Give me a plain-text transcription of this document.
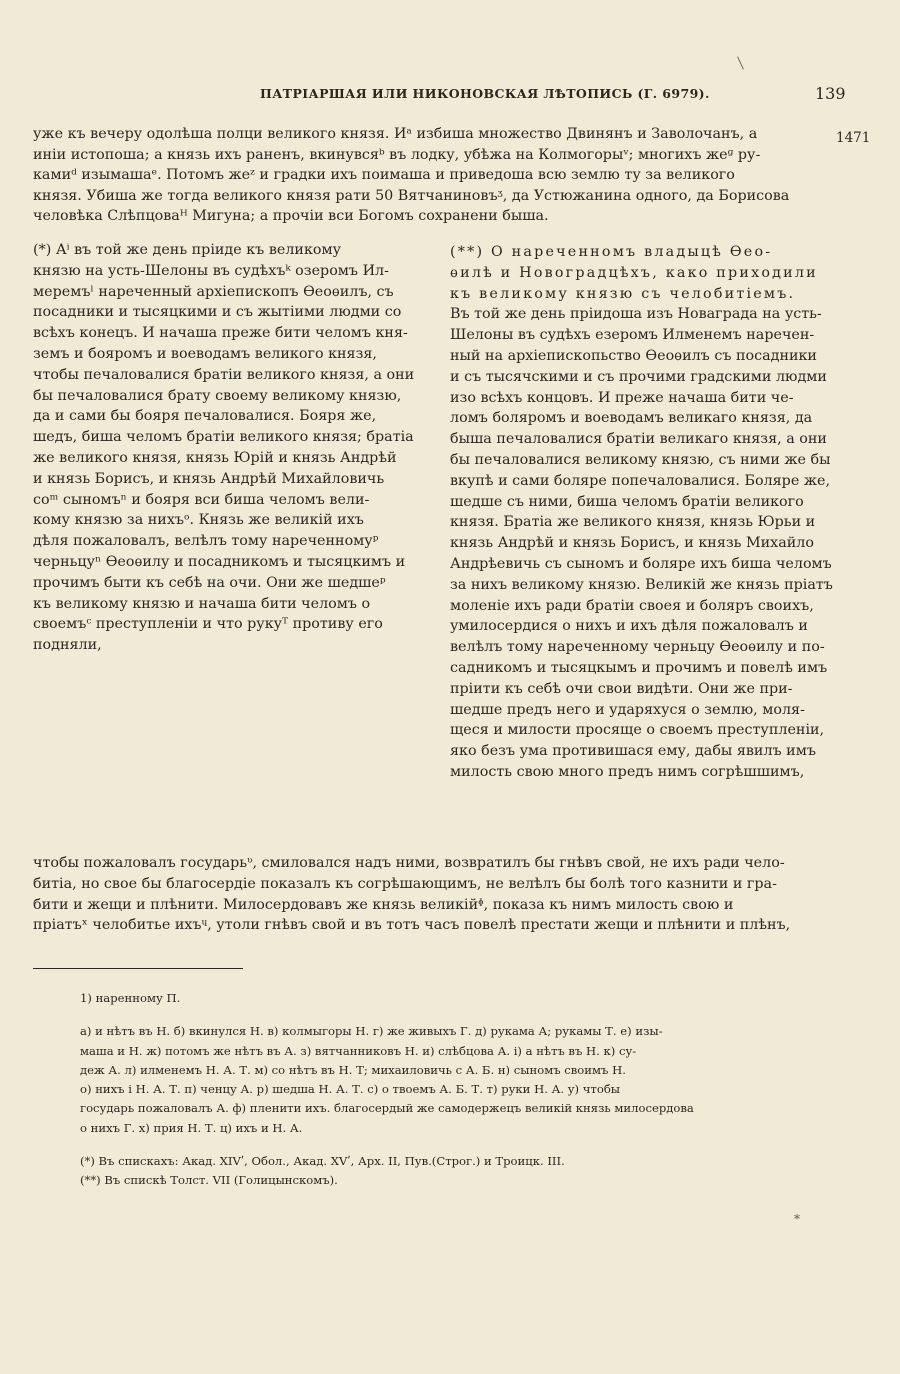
ПАТРІАРШАЯ ИЛИ НИКОНОВСКАЯ ЛѢТОПИСЬ (Г. 6979).	139
1471
уже къ вечеру одолѣша полци великого князя. Иᵃ избиша множество Двинянъ и Заволочанъ, а
иніи истопоша; а князь ихъ раненъ, вкинувсяᵇ въ лодку, убѣжа на Колмогорыᵛ; многихъ жеᶢ ру-
камиᵈ изымашаᵉ. Потомъ жеᶻ и градки ихъ поимаша и приведоша всю землю ту за великого
князя. Убиша же тогда великого князя рати 50 Вятчаниновъᶾ, да Устюжанина одного, да Борисова
человѣка Слѣпцоваᴴ Мигуна; а прочіи вси Богомъ сохранени быша.
(*) Аⁱ въ той же день пріиде къ великому
князю на усть-Шелоны въ судѣхъᵏ озеромъ Ил-
меремъˡ нареченный архіепископъ Ѳеоѳилъ, съ
посадники и тысяцкими и съ жытіими людми со
всѣхъ конецъ. И начаша преже бити челомъ кня-
земъ и бояромъ и воеводамъ великого князя,
чтобы печаловалися братіи великого князя, а они
бы печаловалися брату своему великому князю,
да и сами бы бояря печаловалися. Бояря же,
шедъ, биша челомъ братіи великого князя; братіа
же великого князя, князь Юрій и князь Андрѣй
и князь Борисъ, и князь Андрѣй Михайловичь
соᵐ сыномъⁿ и бояря вси биша челомъ вели-
кому князю за нихъᵒ. Князь же великій ихъ
дѣля пожаловалъ, велѣлъ тому нареченномуᵖ
черньцуⁿ Ѳеоѳилу и посадникомъ и тысяцкимъ и
прочимъ быти къ себѣ на очи. Они же шедшеᵖ
къ великому князю и начаша бити челомъ о
своемъᶜ преступленіи и что рукуᵀ противу его
подняли,
(**) О нареченномъ владыцѣ Ѳео-
ѳилѣ и Новоградцѣхъ, како приходили
къ великому князю съ челобитіемъ.
Въ той же день пріидоша изъ Новаграда на усть-
Шелоны въ судѣхъ езеромъ Илменемъ наречен-
ный на архіепископьство Ѳеоѳилъ съ посадники
и съ тысячскими и съ прочими градскими людми
изо всѣхъ концовъ. И преже начаша бити че-
ломъ боляромъ и воеводамъ великаго князя, да
быша печаловалися братіи великаго князя, а они
бы печаловалися великому князю, съ ними же бы
вкупѣ и сами боляре попечаловалися. Боляре же,
шедше съ ними, биша челомъ братіи великого
князя. Братіа же великого князя, князь Юрьи и
князь Андрѣй и князь Борисъ, и князь Михайло
Андрѣевичь съ сыномъ и боляре ихъ биша челомъ
за нихъ великому князю. Великій же князь пріатъ
моленіе ихъ ради братіи своея и боляръ своихъ,
умилосердися о нихъ и ихъ дѣля пожаловалъ и
велѣлъ тому нареченному черньцу Ѳеоѳилу и по-
садникомъ и тысяцкымъ и прочимъ и повелѣ имъ
пріити къ себѣ очи свои видѣти. Они же при-
шедше предъ него и ударяхуся о землю, моля-
щеся и милости просяще о своемъ преступленіи,
яко безъ ума противишася ему, дабы явилъ имъ
милость свою много предъ нимъ согрѣшшимъ,
чтобы пожаловалъ государьᶹ, смиловался надъ ними, возвратилъ бы гнѣвъ свой, не ихъ ради чело-
битіа, но свое бы благосердіе показалъ къ согрѣшающимъ, не велѣлъ бы болѣ того казнити и гра-
бити и жещи и плѣнити. Милосердовавъ же князь великійᶲ, показа къ нимъ милость свою и
пріатъˣ челобитье ихъᶣ, утоли гнѣвъ свой и въ тотъ часъ повелѣ престати жещи и плѣнити и плѣнъ,
1) нареннoму П.
а) и нѣтъ въ Н. б) вкинулся Н. в) колмыгоры Н. г) же живыхъ Г. д) рукама А; рукамы Т. е) изы-
маша и Н. ж) потомъ же нѣтъ въ А. з) вятчанниковъ Н. и) слѣбцова А. і) а нѣтъ въ Н. к) су-
деж А. л) илменемъ Н. А. Т. м) со нѣтъ въ Н. Т; михаиловичь с А. Б. н) сыномъ своимъ Н.
о) нихъ і Н. А. Т. п) ченцу А. р) шедша Н. А. Т. с) о твоемъ А. Б. Т. т) руки Н. А. у) чтобы
государь пожаловалъ А. ф) пленити ихъ. благосердый же самодержецъ великій князь милосердова
о нихъ Г. х) прия Н. Т. ц) ихъ и Н. А.
(*) Въ спискахъ: Акад. XIVʹ, Обол., Акад. XVʹ, Арх. II, Пув.(Строг.) и Троицк. III.
(**) Въ спискѣ Толст. VII (Голицынскомъ).
*
